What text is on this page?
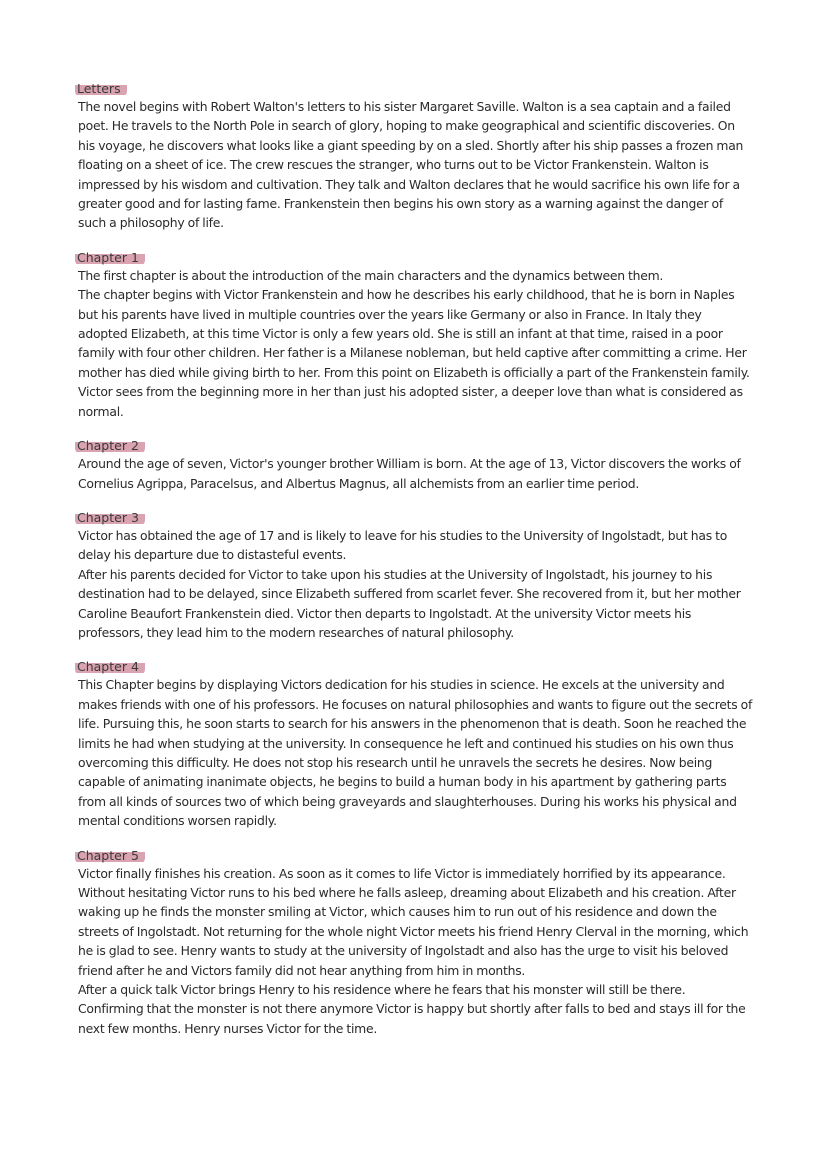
Letters

The novel begins with Robert Walton's letters to his sister Margaret Saville. Walton is a sea captain and a failed poet. He travels to the North Pole in search of glory, hoping to make geographical and scientific discoveries. On his voyage, he discovers what looks like a giant speeding by on a sled. Shortly after his ship passes a frozen man floating on a sheet of ice. The crew rescues the stranger, who turns out to be Victor Frankenstein. Walton is impressed by his wisdom and cultivation. They talk and Walton declares that he would sacrifice his own life for a greater good and for lasting fame. Frankenstein then begins his own story as a warning against the danger of such a philosophy of life.

Chapter 1

The first chapter is about the introduction of the main characters and the dynamics between them.

The chapter begins with Victor Frankenstein and how he describes his early childhood, that he is born in Naples but his parents have lived in multiple countries over the years like Germany or also in France. In Italy they adopted Elizabeth, at this time Victor is only a few years old. She is still an infant at that time, raised in a poor family with four other children. Her father is a Milanese nobleman, but held captive after committing a crime. Her mother has died while giving birth to her. From this point on Elizabeth is officially a part of the Frankenstein family. Victor sees from the beginning more in her than just his adopted sister, a deeper love than what is considered as normal.

Chapter 2

Around the age of seven, Victor's younger brother William is born. At the age of 13, Victor discovers the works of Cornelius Agrippa, Paracelsus, and Albertus Magnus, all alchemists from an earlier time period.

Chapter 3

Victor has obtained the age of 17 and is likely to leave for his studies to the University of Ingolstadt, but has to delay his departure due to distasteful events.

After his parents decided for Victor to take upon his studies at the University of Ingolstadt, his journey to his destination had to be delayed, since Elizabeth suffered from scarlet fever. She recovered from it, but her mother Caroline Beaufort Frankenstein died. Victor then departs to Ingolstadt. At the university Victor meets his professors, they lead him to the modern researches of natural philosophy.

Chapter 4

This Chapter begins by displaying Victors dedication for his studies in science. He excels at the university and makes friends with one of his professors. He focuses on natural philosophies and wants to figure out the secrets of life. Pursuing this, he soon starts to search for his answers in the phenomenon that is death. Soon he reached the limits he had when studying at the university. In consequence he left and continued his studies on his own thus overcoming this difficulty. He does not stop his research until he unravels the secrets he desires. Now being capable of animating inanimate objects, he begins to build a human body in his apartment by gathering parts from all kinds of sources two of which being graveyards and slaughterhouses. During his works his physical and mental conditions worsen rapidly.

Chapter 5

Victor finally finishes his creation. As soon as it comes to life Victor is immediately horrified by its appearance. Without hesitating Victor runs to his bed where he falls asleep, dreaming about Elizabeth and his creation. After waking up he finds the monster smiling at Victor, which causes him to run out of his residence and down the streets of Ingolstadt. Not returning for the whole night Victor meets his friend Henry Clerval in the morning, which he is glad to see. Henry wants to study at the university of Ingolstadt and also has the urge to visit his beloved friend after he and Victors family did not hear anything from him in months.

After a quick talk Victor brings Henry to his residence where he fears that his monster will still be there. Confirming that the monster is not there anymore Victor is happy but shortly after falls to bed and stays ill for the next few months. Henry nurses Victor for the time.
